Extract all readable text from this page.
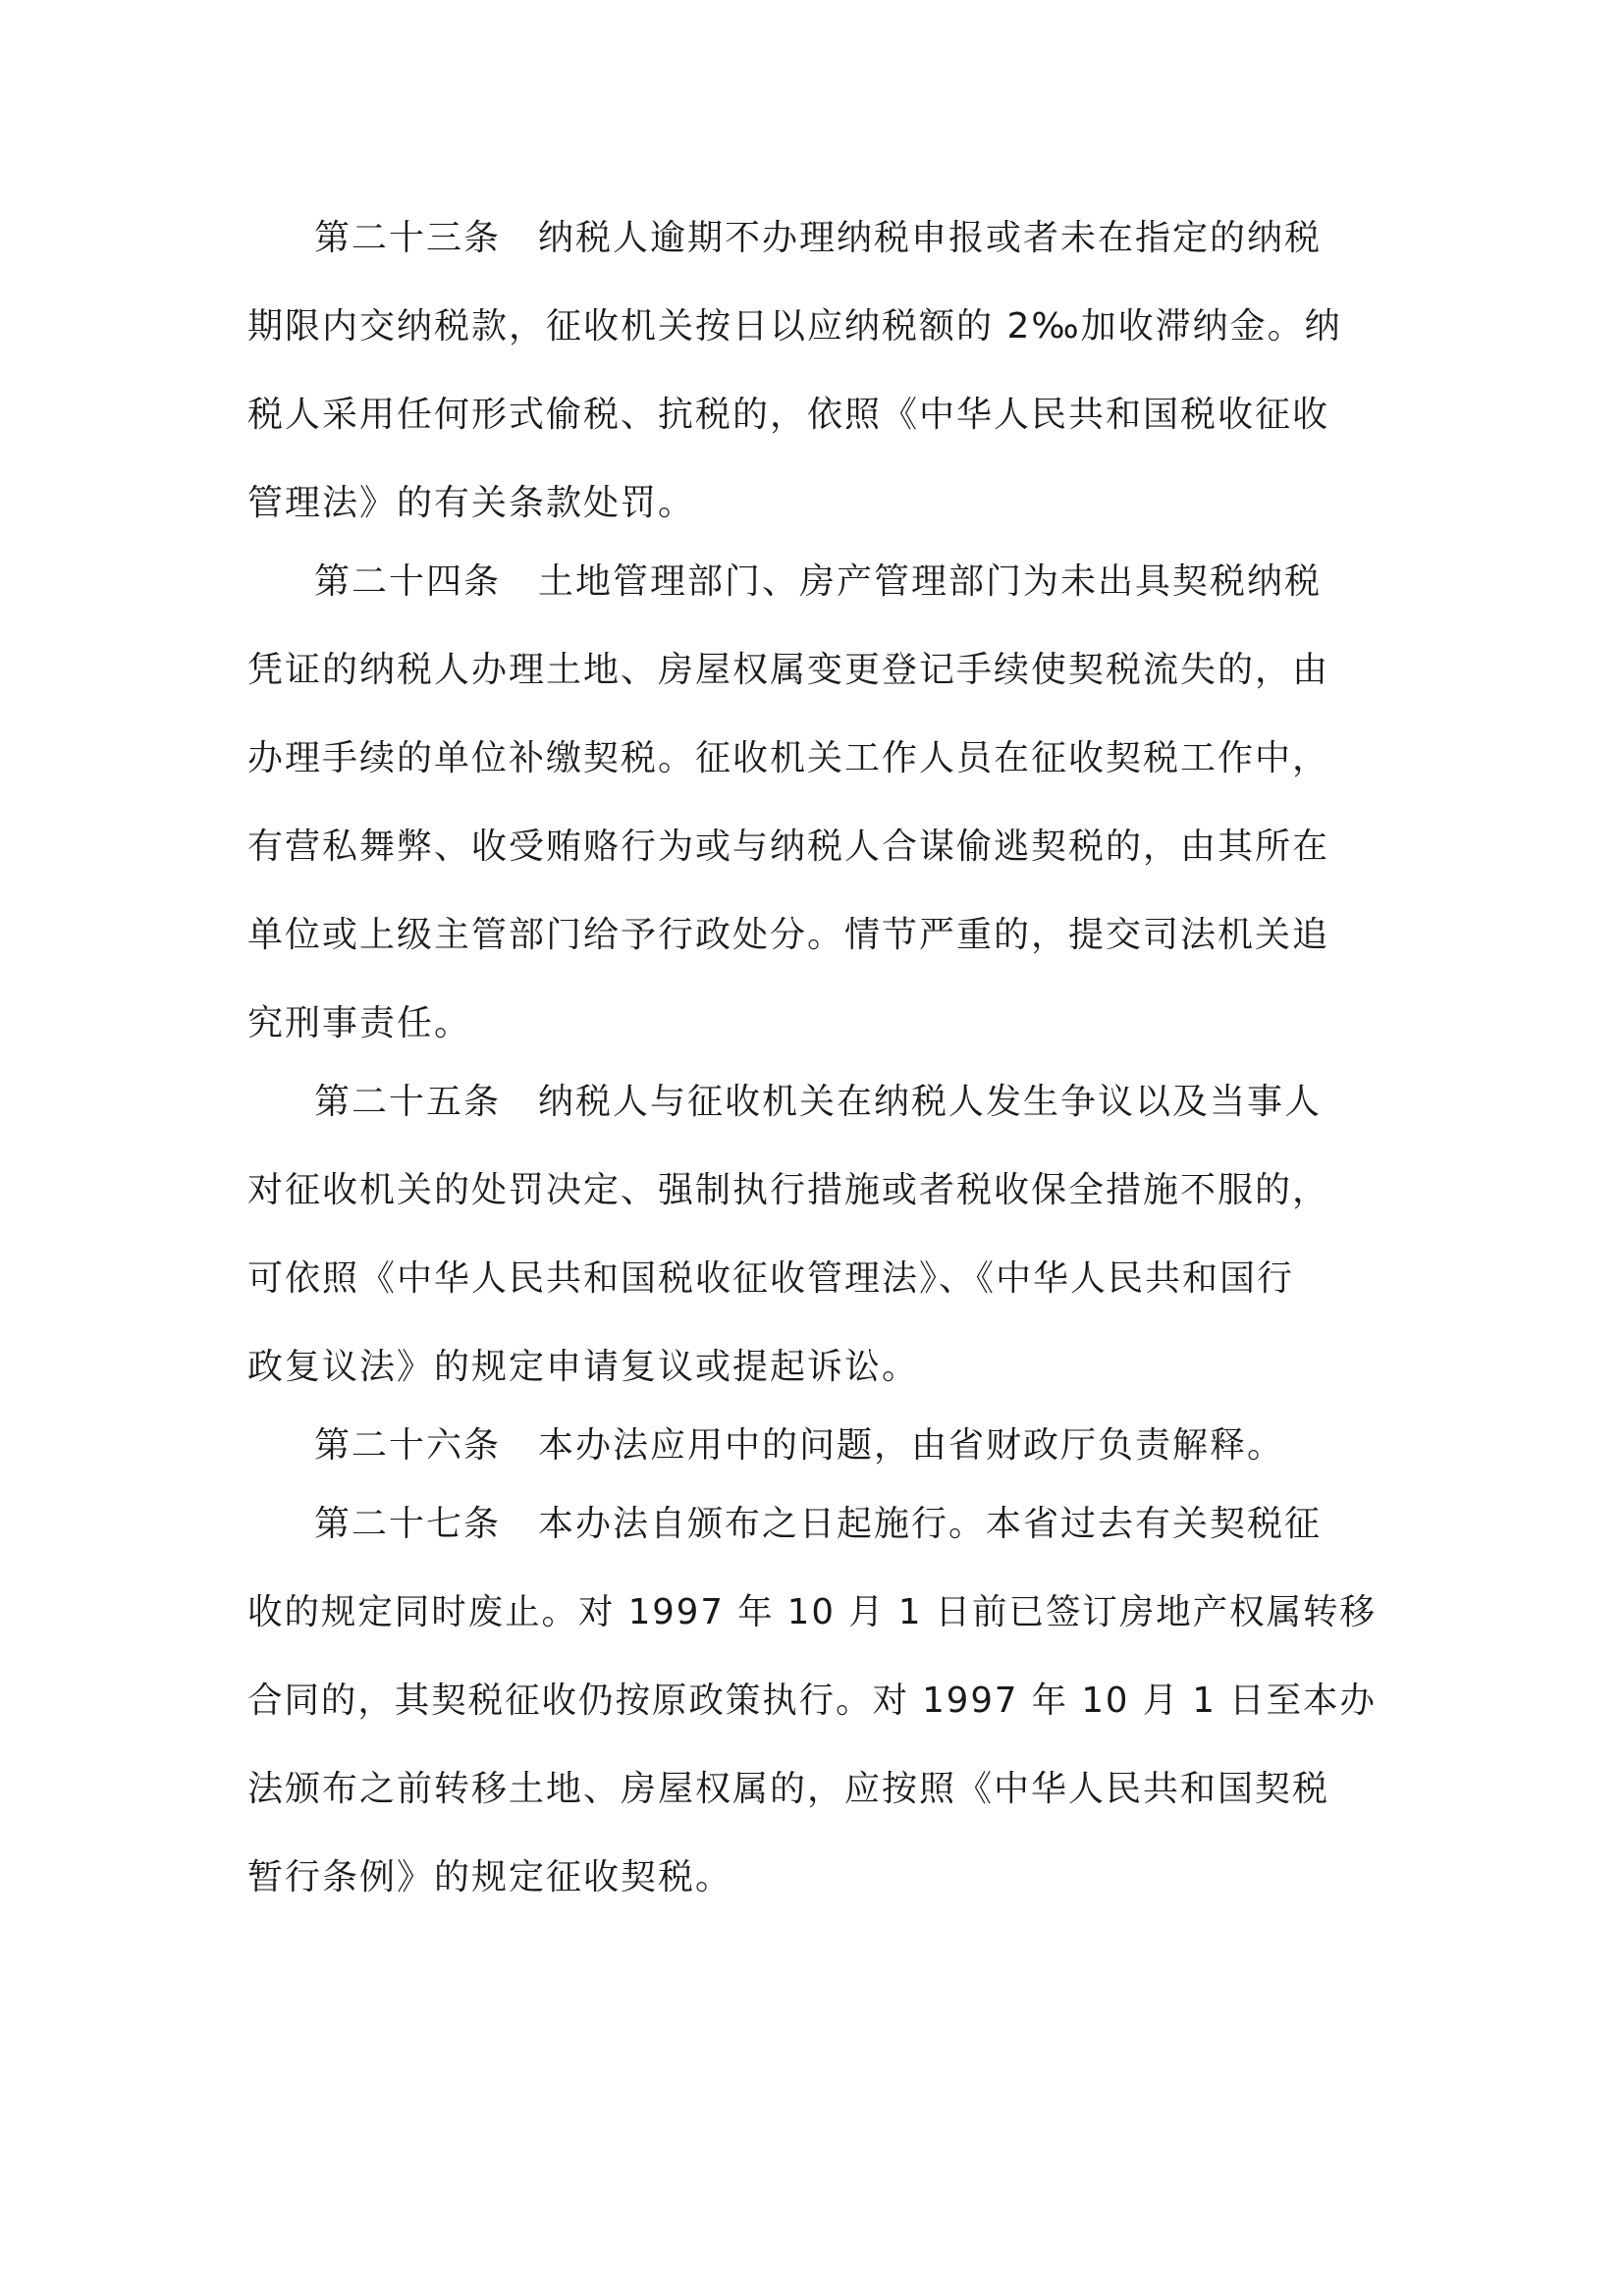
第二十三条　纳税人逾期不办理纳税申报或者未在指定的纳税

期限内交纳税款，征收机关按日以应纳税额的 2‰加收滞纳金。纳

税人采用任何形式偷税、抗税的，依照《中华人民共和国税收征收

管理法》的有关条款处罚。

第二十四条　土地管理部门、房产管理部门为未出具契税纳税

凭证的纳税人办理土地、房屋权属变更登记手续使契税流失的，由

办理手续的单位补缴契税。征收机关工作人员在征收契税工作中，

有营私舞弊、收受贿赂行为或与纳税人合谋偷逃契税的，由其所在

单位或上级主管部门给予行政处分。情节严重的，提交司法机关追

究刑事责任。

第二十五条　纳税人与征收机关在纳税人发生争议以及当事人

对征收机关的处罚决定、强制执行措施或者税收保全措施不服的，

可依照《中华人民共和国税收征收管理法》、《中华人民共和国行

政复议法》的规定申请复议或提起诉讼。

第二十六条　本办法应用中的问题，由省财政厅负责解释。

第二十七条　本办法自颁布之日起施行。本省过去有关契税征

收的规定同时废止。对 1997 年 10 月 1 日前已签订房地产权属转移

合同的，其契税征收仍按原政策执行。对 1997 年 10 月 1 日至本办

法颁布之前转移土地、房屋权属的，应按照《中华人民共和国契税

暂行条例》的规定征收契税。
